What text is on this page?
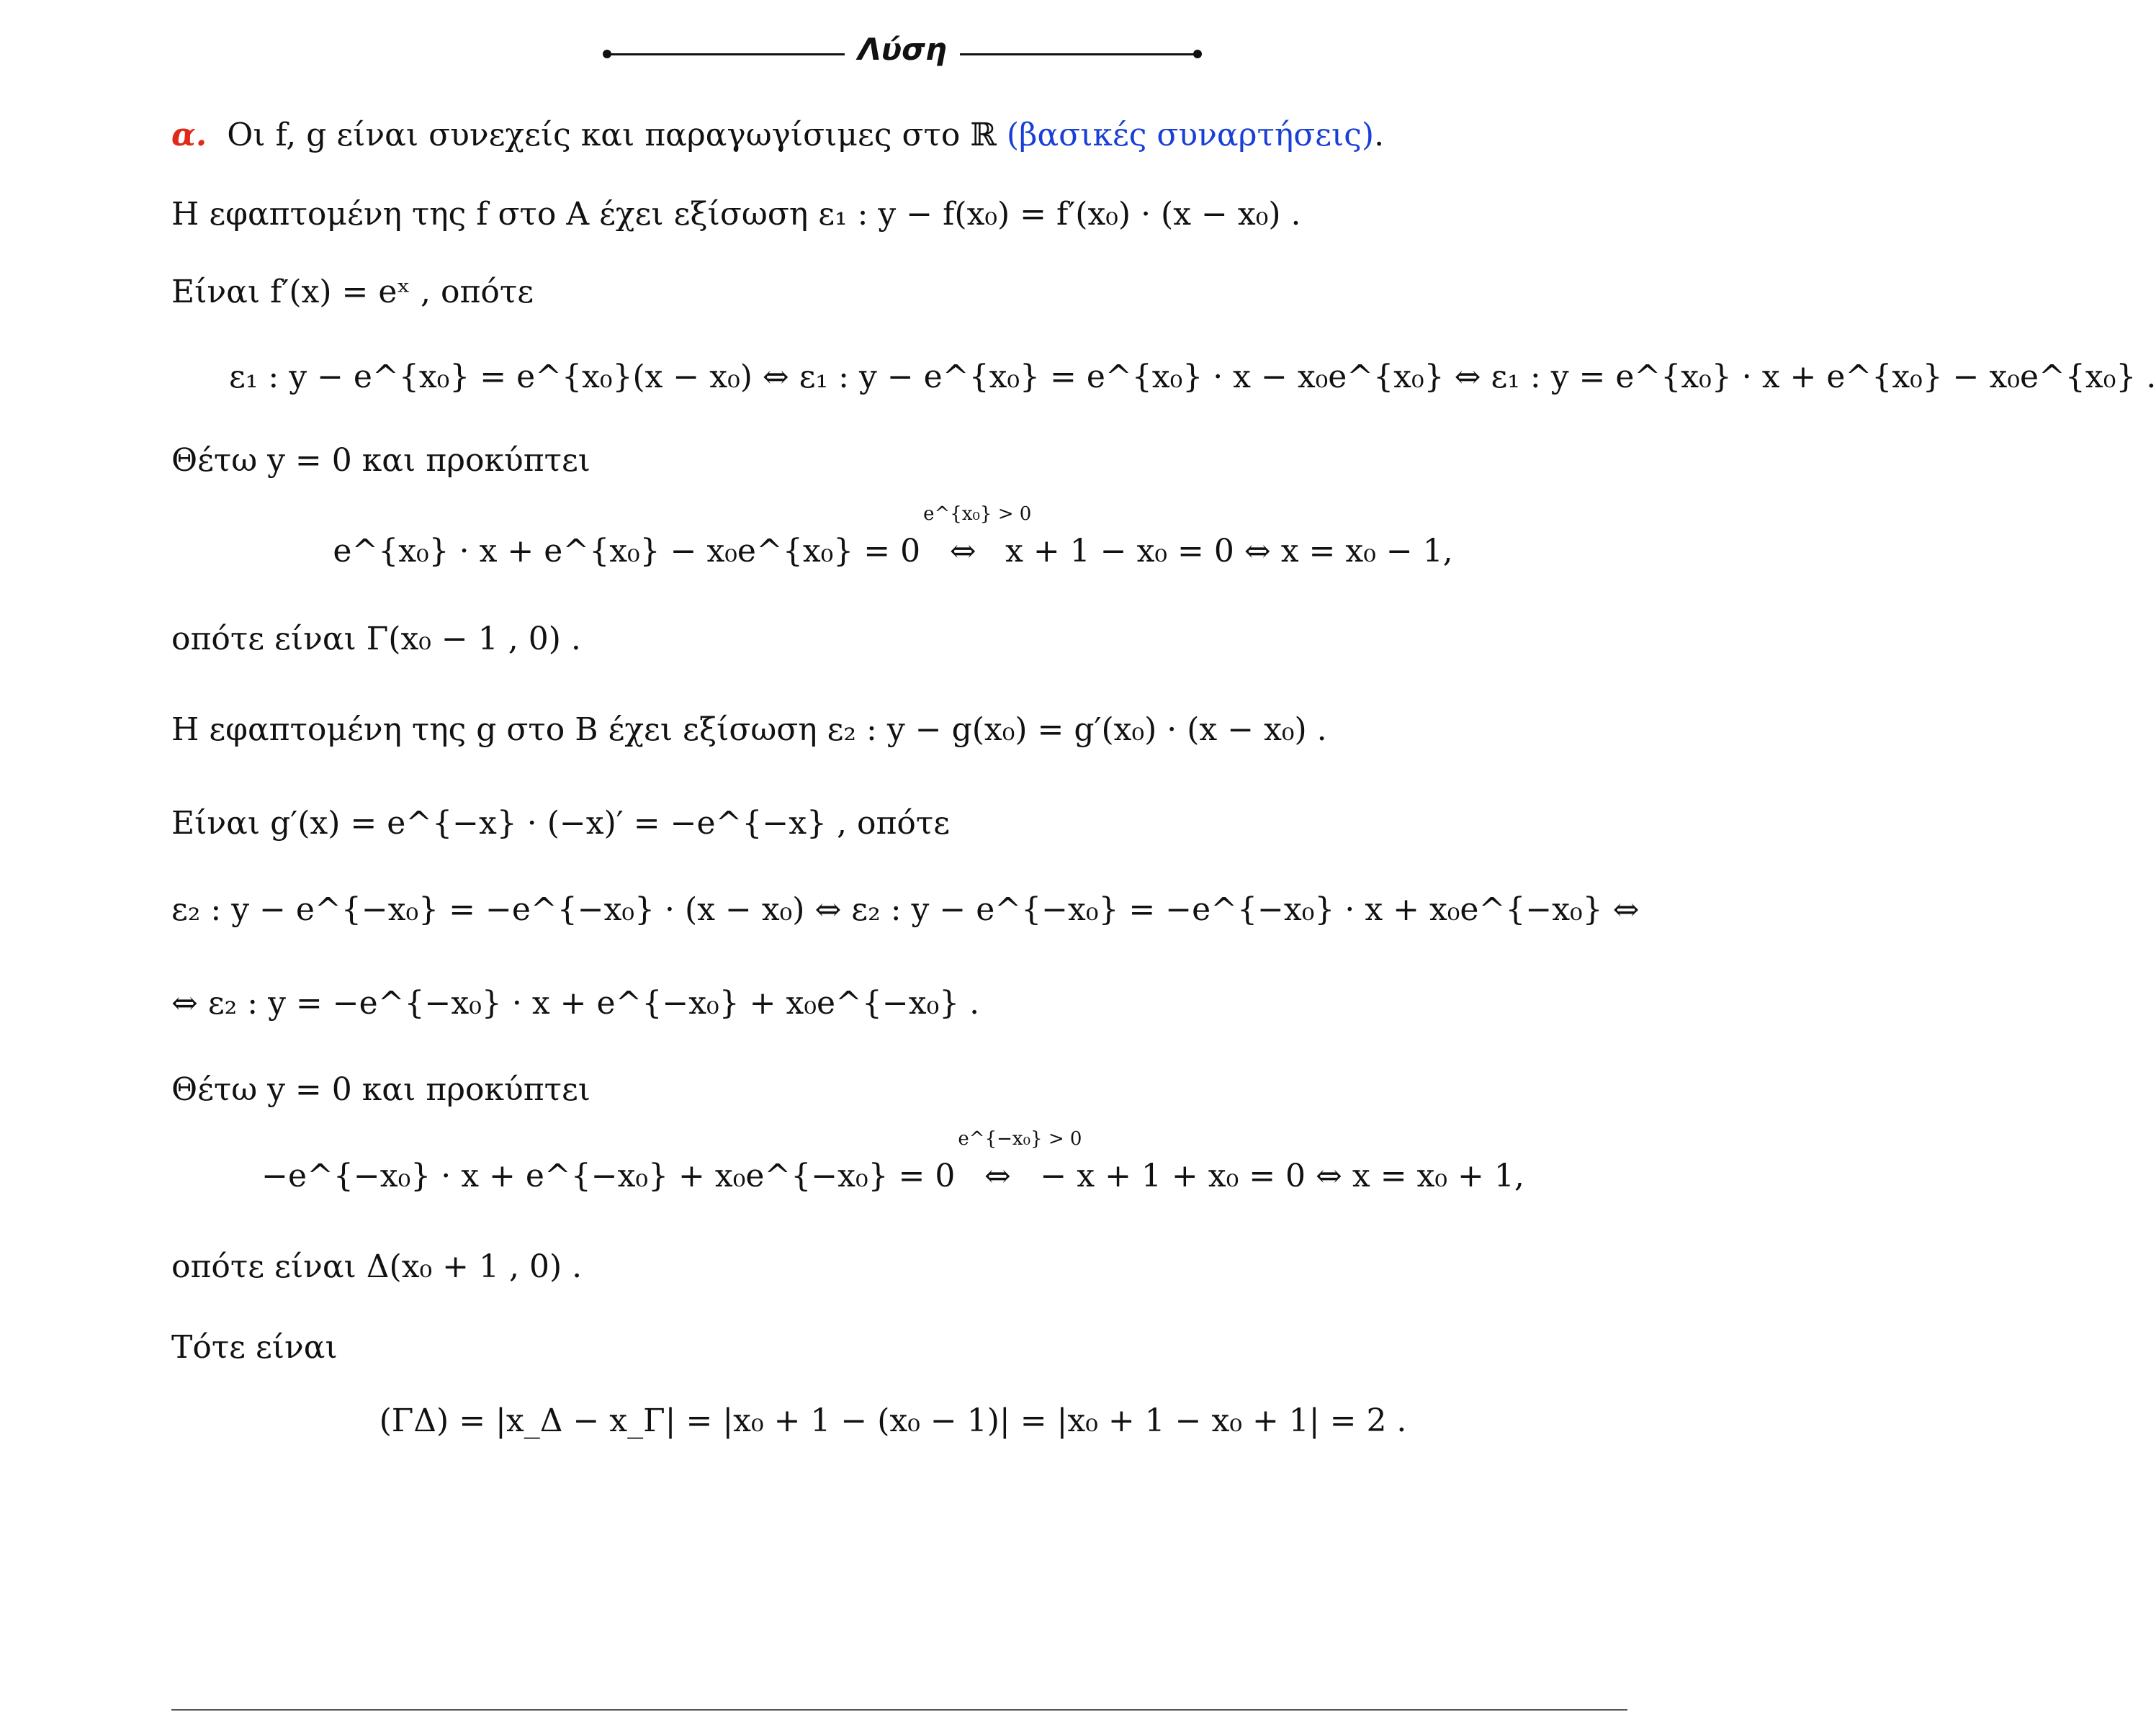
Λύση
α. Οι f, g είναι συνεχείς και παραγωγίσιμες στο ℝ (βασικές συναρτήσεις).
Η εφαπτομένη της f στο Α έχει εξίσωση ε₁ : y − f(x₀) = f′(x₀) · (x − x₀) .
Είναι f′(x) = eˣ , οπότε
ε₁ : y − e^{x₀} = e^{x₀}(x − x₀) ⇔ ε₁ : y − e^{x₀} = e^{x₀} · x − x₀e^{x₀} ⇔ ε₁ : y = e^{x₀} · x + e^{x₀} − x₀e^{x₀} .
Θέτω y = 0 και προκύπτει
e^{x₀} · x + e^{x₀} − x₀e^{x₀} = 0
e^{x₀} > 0
⇔ x + 1 − x₀ = 0 ⇔ x = x₀ − 1,
οπότε είναι Γ(x₀ − 1 , 0) .
Η εφαπτομένη της g στο Β έχει εξίσωση ε₂ : y − g(x₀) = g′(x₀) · (x − x₀) .
Είναι g′(x) = e^{−x} · (−x)′ = −e^{−x} , οπότε
ε₂ : y − e^{−x₀} = −e^{−x₀} · (x − x₀) ⇔ ε₂ : y − e^{−x₀} = −e^{−x₀} · x + x₀e^{−x₀} ⇔
⇔ ε₂ : y = −e^{−x₀} · x + e^{−x₀} + x₀e^{−x₀} .
Θέτω y = 0 και προκύπτει
−e^{−x₀} · x + e^{−x₀} + x₀e^{−x₀} = 0
e^{−x₀} > 0
⇔ − x + 1 + x₀ = 0 ⇔ x = x₀ + 1,
οπότε είναι Δ(x₀ + 1 , 0) .
Τότε είναι
(ΓΔ) = |x_Δ − x_Γ| = |x₀ + 1 − (x₀ − 1)| = |x₀ + 1 − x₀ + 1| = 2 .
